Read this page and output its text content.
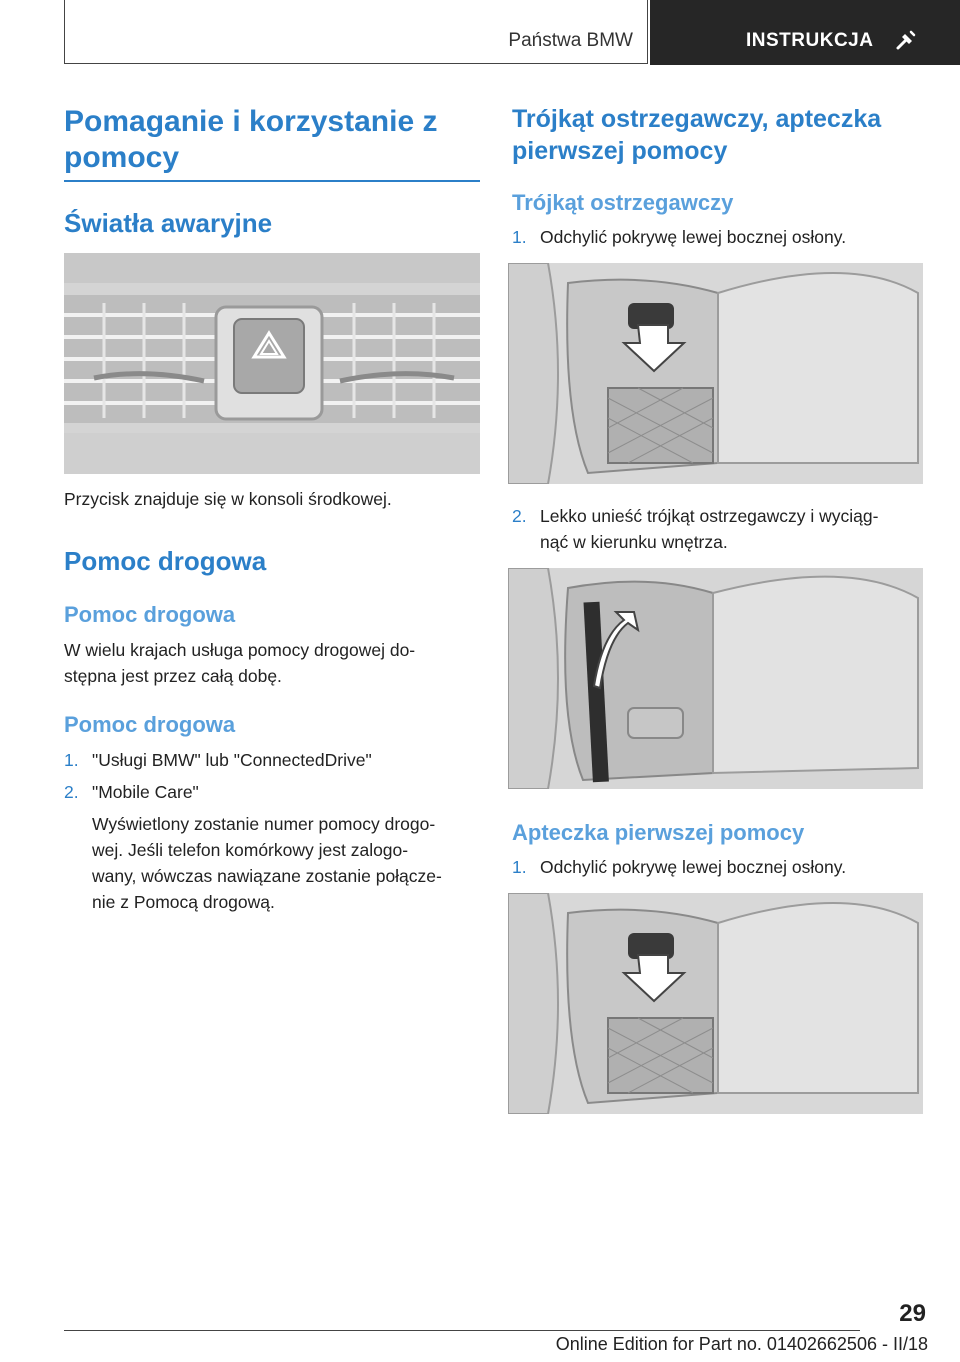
Państwa BMW	INSTRUKCJA
Pomaganie i korzystanie z pomocy
Światła awaryjne

Przycisk znajduje się w konsoli środkowej.

Pomoc drogowa
Pomoc drogowa

W wielu krajach usługa pomocy drogowej do-

stępna jest przez całą dobę.

Pomoc drogowa
1. "Usługi BMW" lub "ConnectedDrive"

2. "Mobile Care"

Wyświetlony zostanie numer pomocy drogo-

wej. Jeśli telefon komórkowy jest zalogo-

wany, wówczas nawiązane zostanie połącze-

nie z Pomocą drogową.

Trójkąt ostrzegawczy, apteczka
pierwszej pomocy
Trójkąt ostrzegawczy
1. Odchylić pokrywę lewej bocznej osłony.

2. Lekko unieść trójkąt ostrzegawczy i wyciąg-

nąć w kierunku wnętrza.

Apteczka pierwszej pomocy
1. Odchylić pokrywę lewej bocznej osłony.

29
Online Edition for Part no. 01402662506 - II/18
